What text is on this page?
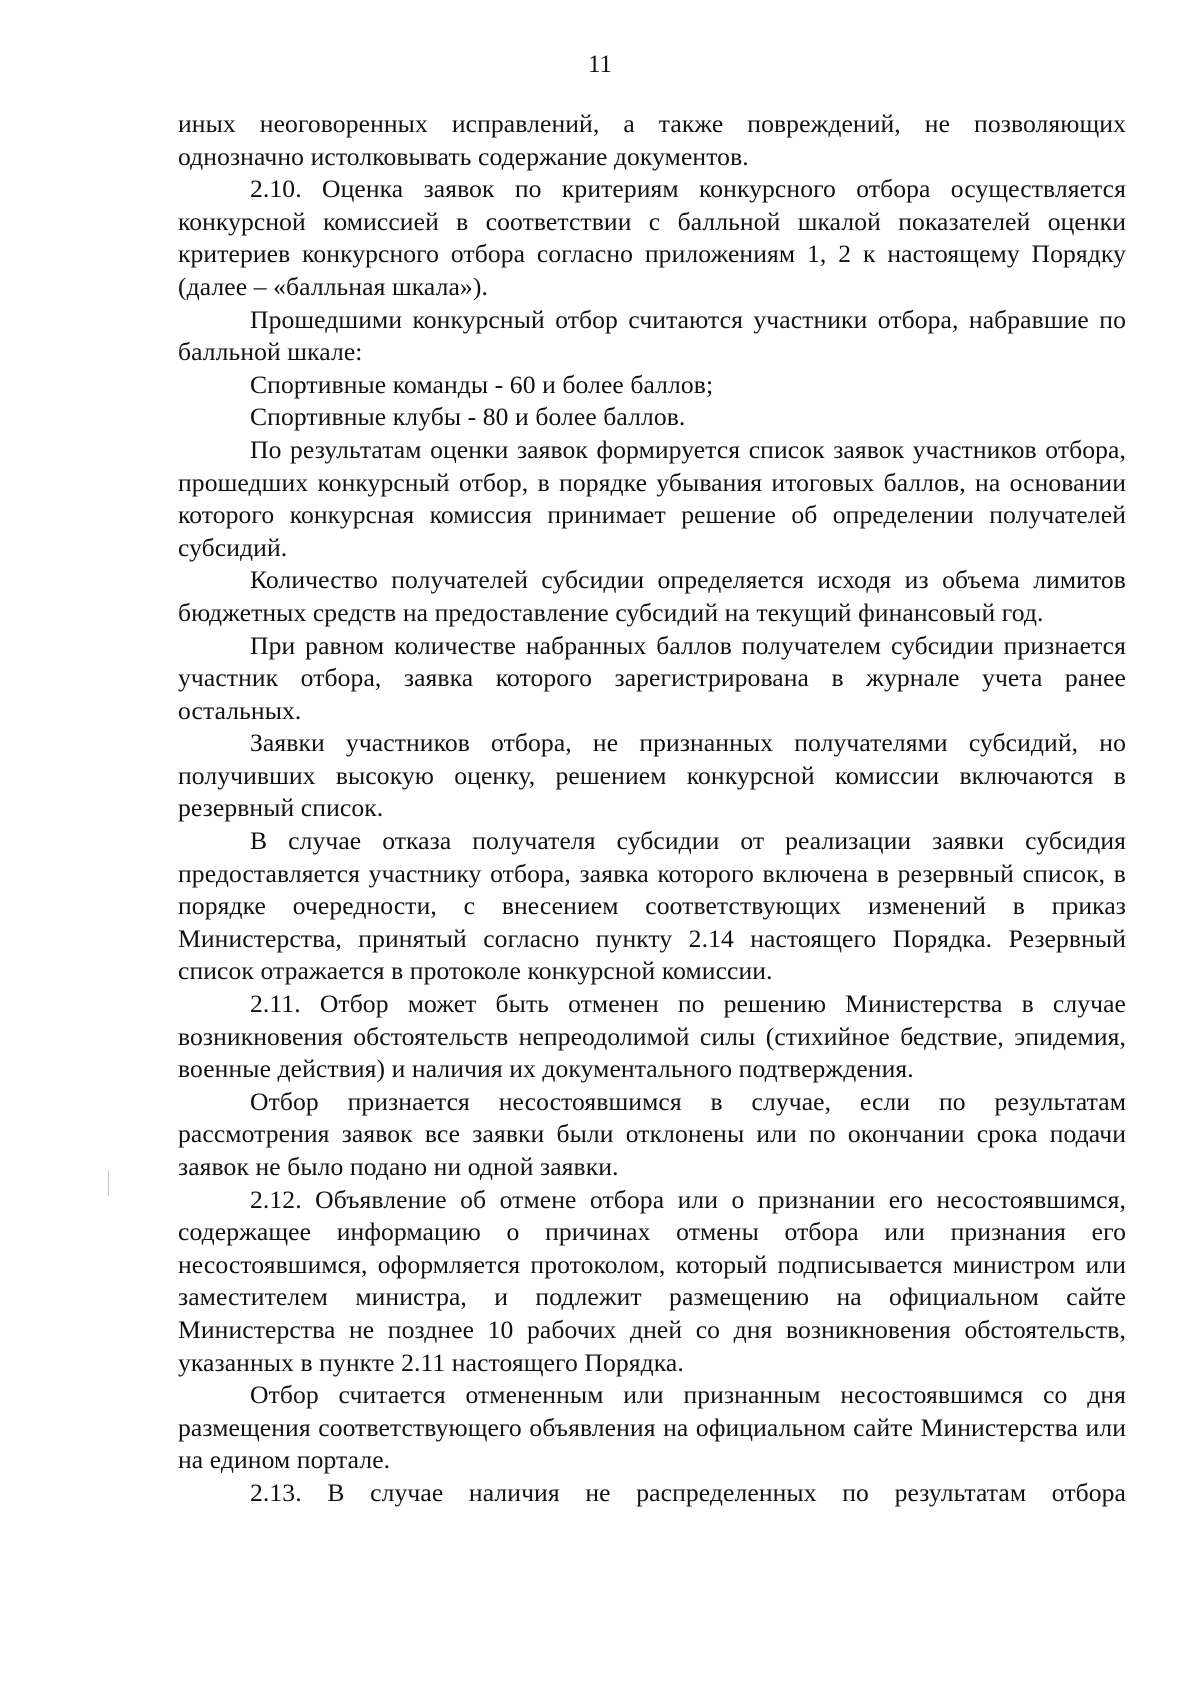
11

иных неоговоренных исправлений, а также повреждений, не позволяющих однозначно истолковывать содержание документов.

2.10. Оценка заявок по критериям конкурсного отбора осуществляется конкурсной комиссией в соответствии с балльной шкалой показателей оценки критериев конкурсного отбора согласно приложениям 1, 2 к настоящему Порядку (далее – «балльная шкала»).

Прошедшими конкурсный отбор считаются участники отбора, набравшие по балльной шкале:

Спортивные команды - 60 и более баллов;

Спортивные клубы - 80 и более баллов.

По результатам оценки заявок формируется список заявок участников отбора, прошедших конкурсный отбор, в порядке убывания итоговых баллов, на основании которого конкурсная комиссия принимает решение об определении получателей субсидий.

Количество получателей субсидии определяется исходя из объема лимитов бюджетных средств на предоставление субсидий на текущий финансовый год.

При равном количестве набранных баллов получателем субсидии признается участник отбора, заявка которого зарегистрирована в журнале учета ранее остальных.

Заявки участников отбора, не признанных получателями субсидий, но получивших высокую оценку, решением конкурсной комиссии включаются в резервный список.

В случае отказа получателя субсидии от реализации заявки субсидия предоставляется участнику отбора, заявка которого включена в резервный список, в порядке очередности, с внесением соответствующих изменений в приказ Министерства, принятый согласно пункту 2.14 настоящего Порядка. Резервный список отражается в протоколе конкурсной комиссии.

2.11. Отбор может быть отменен по решению Министерства в случае возникновения обстоятельств непреодолимой силы (стихийное бедствие, эпидемия, военные действия) и наличия их документального подтверждения.

Отбор признается несостоявшимся в случае, если по результатам рассмотрения заявок все заявки были отклонены или по окончании срока подачи заявок не было подано ни одной заявки.

2.12. Объявление об отмене отбора или о признании его несостоявшимся, содержащее информацию о причинах отмены отбора или признания его несостоявшимся, оформляется протоколом, который подписывается министром или заместителем министра, и подлежит размещению на официальном сайте Министерства не позднее 10 рабочих дней со дня возникновения обстоятельств, указанных в пункте 2.11 настоящего Порядка.

Отбор считается отмененным или признанным несостоявшимся со дня размещения соответствующего объявления на официальном сайте Министерства или на едином портале.

2.13. В случае наличия не распределенных по результатам отбора
